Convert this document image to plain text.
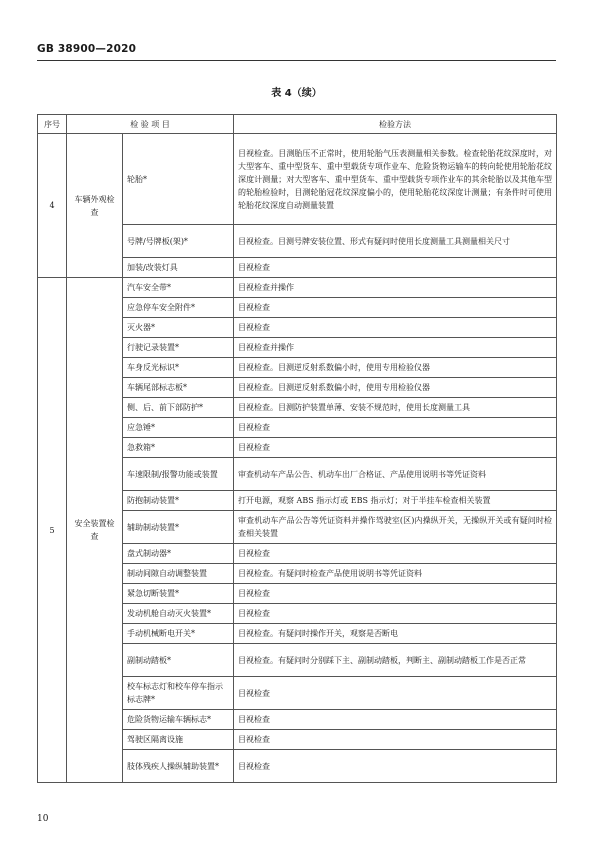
GB 38900—2020
表 4（续）
序号	检 验 项 目		检验方法
4	车辆外观检查	轮胎*	目视检查。目测胎压不正常时，使用轮胎气压表测量相关参数。检查轮胎花纹深度时，对大型客车、重中型货车、重中型载货专项作业车、危险货物运输车的转向轮使用轮胎花纹深度计测量；对大型客车、重中型货车、重中型载货专项作业车的其余轮胎以及其他车型的轮胎检验时，目测轮胎冠花纹深度偏小的，使用轮胎花纹深度计测量；有条件时可使用轮胎花纹深度自动测量装置
		号牌/号牌板(架)*	目视检查。目测号牌安装位置、形式有疑问时使用长度测量工具测量相关尺寸
		加装/改装灯具	目视检查
5	安全装置检查	汽车安全带*	目视检查并操作
		应急停车安全附件*	目视检查
		灭火器*	目视检查
		行驶记录装置*	目视检查并操作
		车身反光标识*	目视检查。目测逆反射系数偏小时，使用专用检验仪器
		车辆尾部标志板*	目视检查。目测逆反射系数偏小时，使用专用检验仪器
		侧、后、前下部防护*	目视检查。目测防护装置单薄、安装不规范时，使用长度测量工具
		应急锤*	目视检查
		急救箱*	目视检查
		车速限制/报警功能或装置	审查机动车产品公告、机动车出厂合格证、产品使用说明书等凭证资料
		防抱制动装置*	打开电源，观察 ABS 指示灯或 EBS 指示灯；对于半挂车检查相关装置
		辅助制动装置*	审查机动车产品公告等凭证资料并操作驾驶室(区)内操纵开关，无操纵开关或有疑问时检查相关装置
		盘式制动器*	目视检查
		制动间隙自动调整装置	目视检查。有疑问时检查产品使用说明书等凭证资料
		紧急切断装置*	目视检查
		发动机舱自动灭火装置*	目视检查
		手动机械断电开关*	目视检查。有疑问时操作开关，观察是否断电
		副制动踏板*	目视检查。有疑问时分别踩下主、副制动踏板，判断主、副制动踏板工作是否正常
		校车标志灯和校车停车指示标志牌*	目视检查
		危险货物运输车辆标志*	目视检查
		驾驶区隔离设施	目视检查
		肢体残疾人操纵辅助装置*	目视检查
10
